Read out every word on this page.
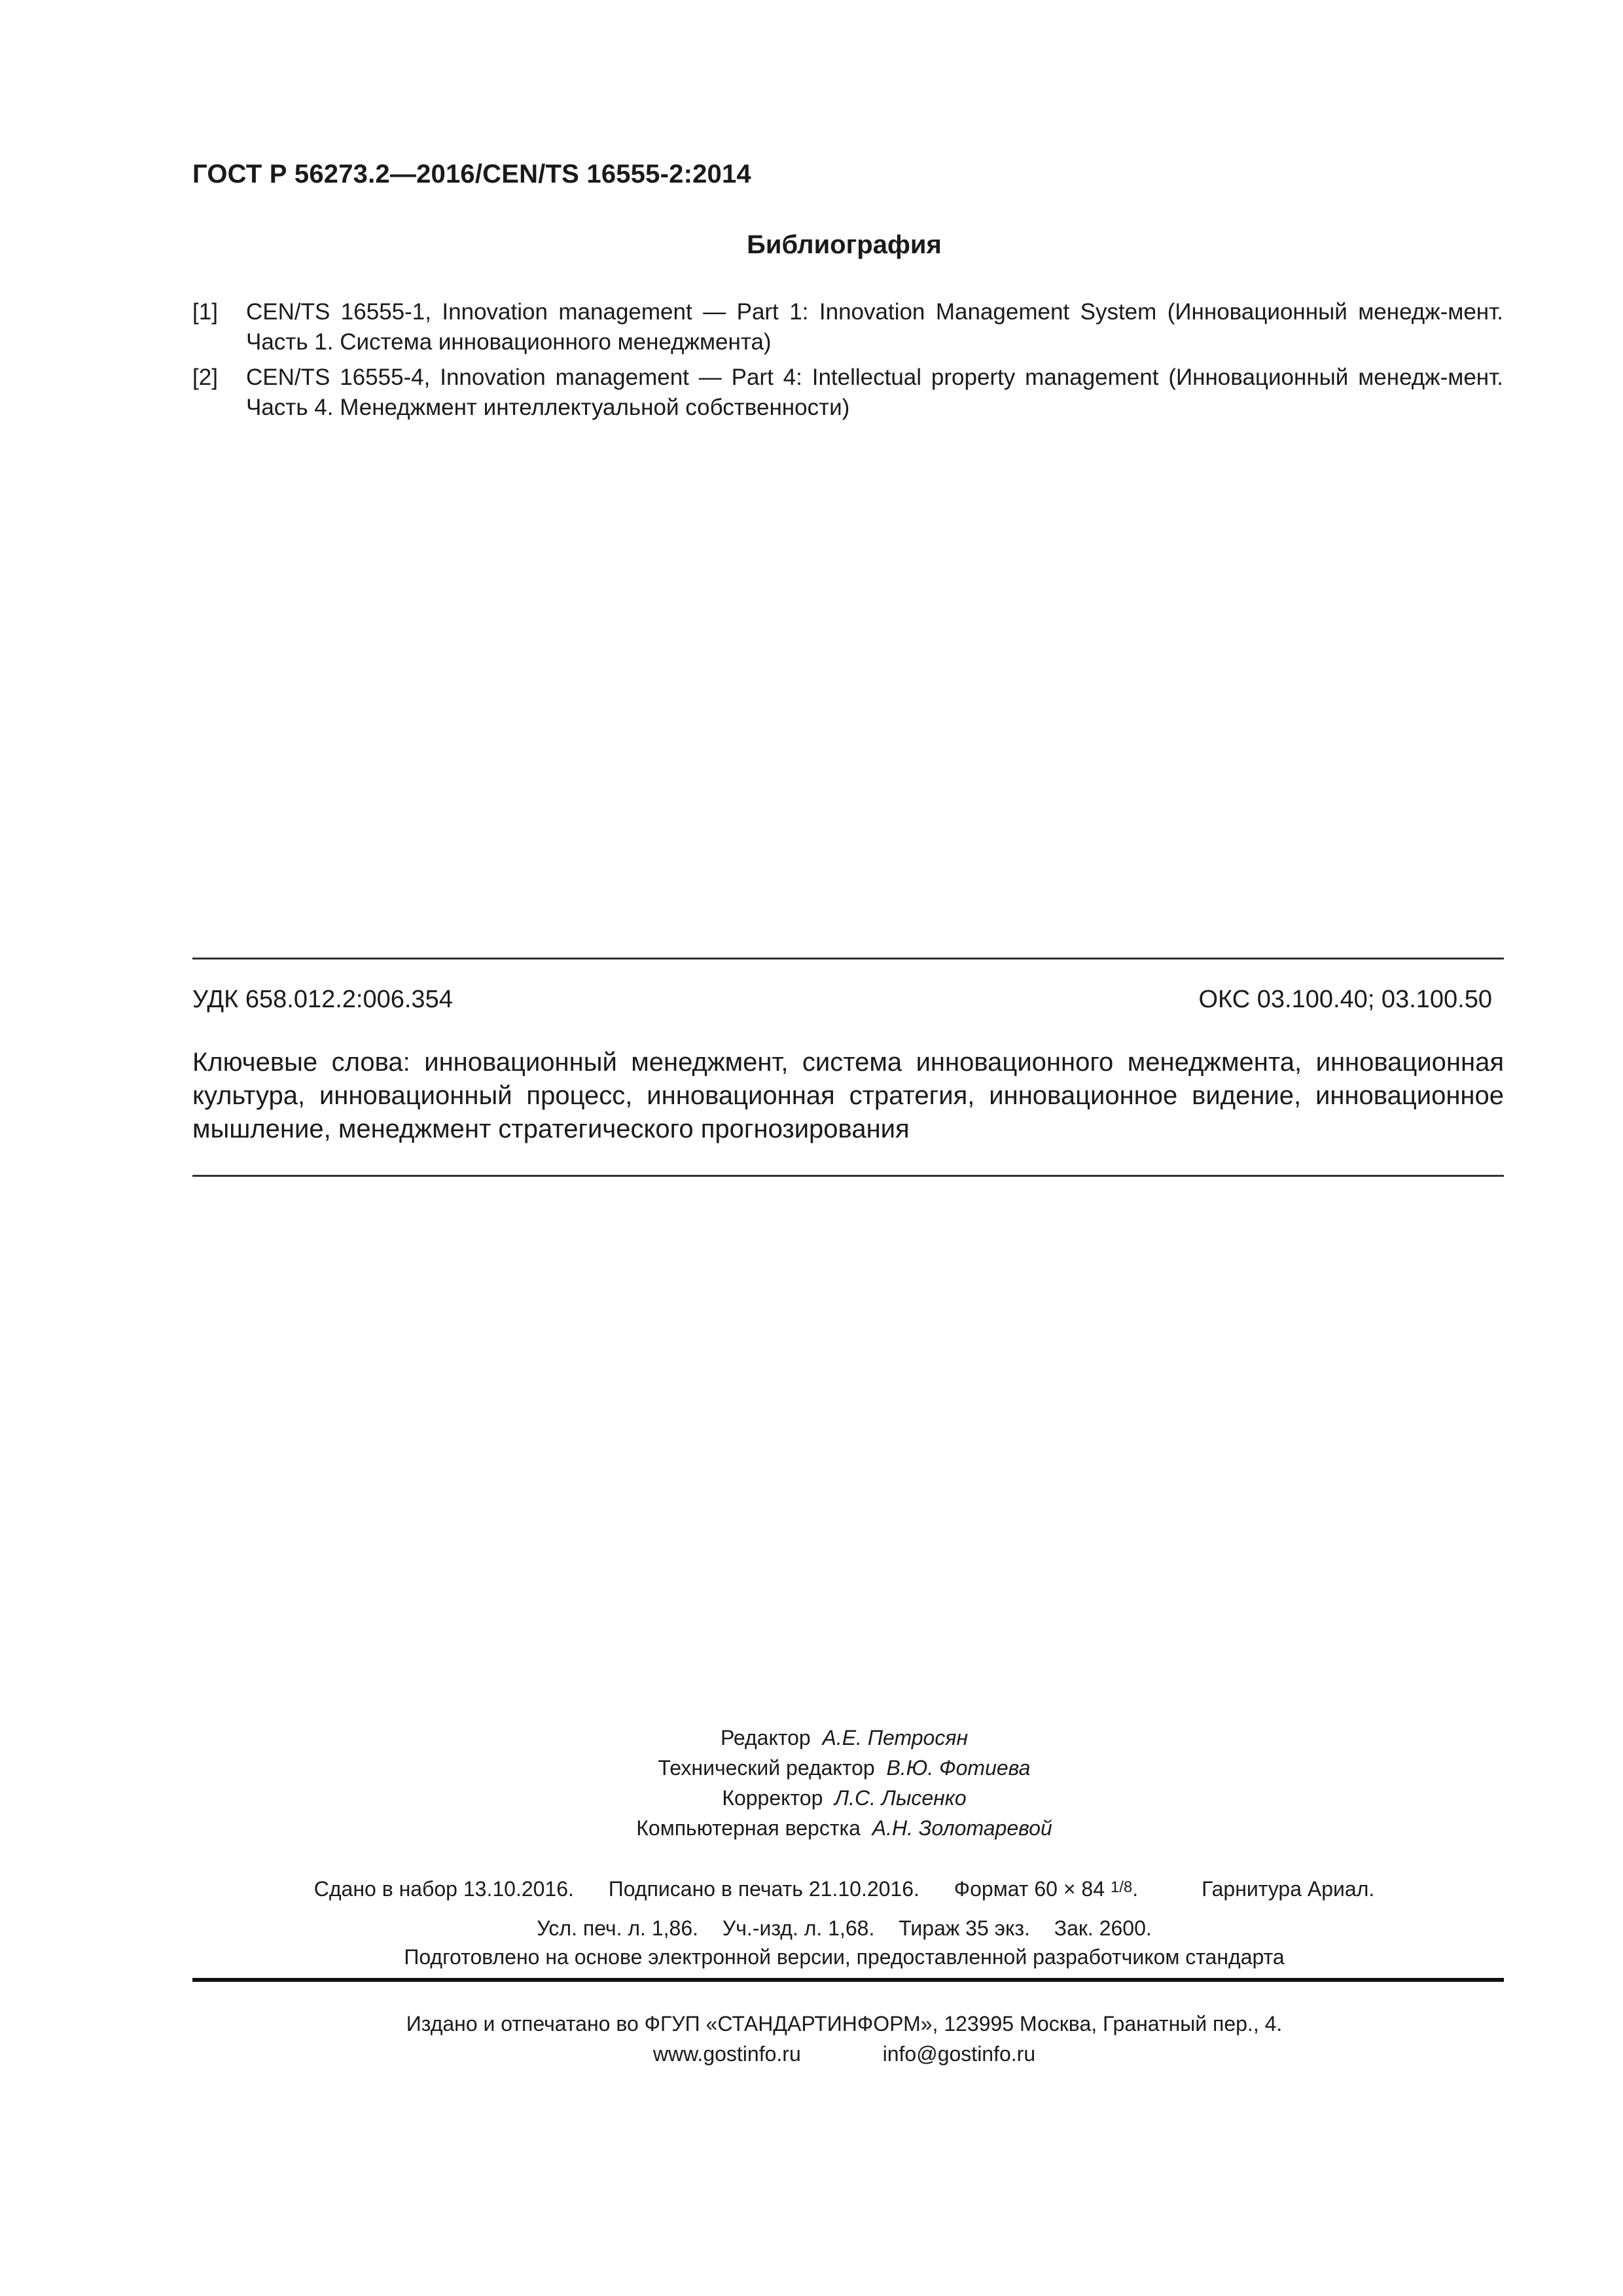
ГОСТ Р 56273.2—2016/CEN/TS 16555-2:2014
Библиография
[1]	CEN/TS 16555-1, Innovation management — Part 1: Innovation Management System (Инновационный менедж-мент. Часть 1. Система инновационного менеджмента)
[2]	CEN/TS 16555-4, Innovation management — Part 4: Intellectual property management (Инновационный менедж-мент. Часть 4. Менеджмент интеллектуальной собственности)
УДК 658.012.2:006.354	ОКС 03.100.40; 03.100.50
Ключевые слова: инновационный менеджмент, система инновационного менеджмента, инновационная культура, инновационный процесс, инновационная стратегия, инновационное видение, инновационное мышление, менеджмент стратегического прогнозирования
Редактор А.Е. Петросян
Технический редактор В.Ю. Фотиева
Корректор Л.С. Лысенко
Компьютерная верстка А.Н. Золотаревой
Сдано в набор 13.10.2016. Подписано в печать 21.10.2016. Формат 60 × 84 1/8.	Гарнитура Ариал.
Усл. печ. л. 1,86. Уч.-изд. л. 1,68. Тираж 35 экз. Зак. 2600.
Подготовлено на основе электронной версии, предоставленной разработчиком стандарта
Издано и отпечатано во ФГУП «СТАНДАРТИНФОРМ», 123995 Москва, Гранатный пер., 4.
www.gostinfo.ru	info@gostinfo.ru
